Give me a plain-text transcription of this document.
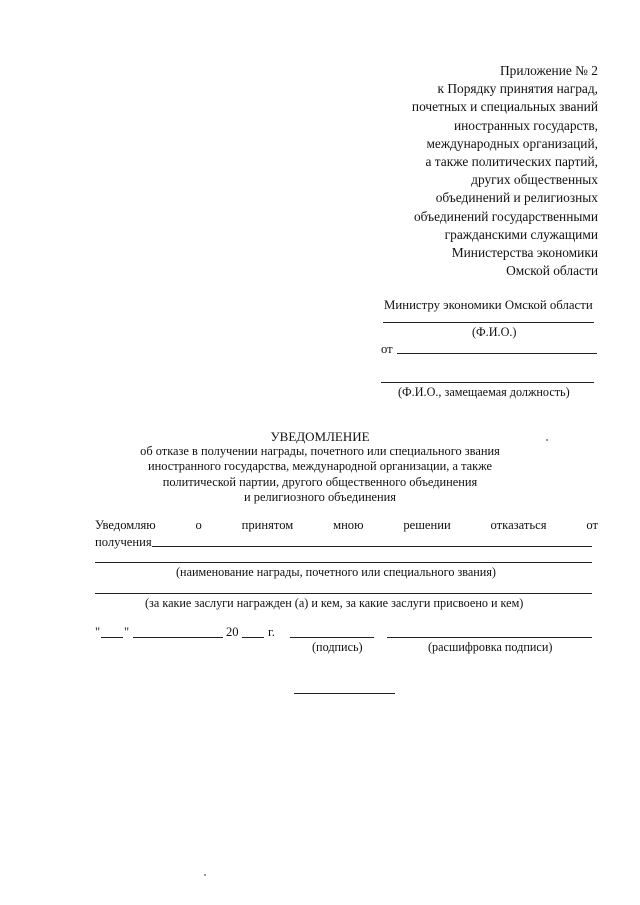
Приложение № 2
к Порядку принятия наград,
почетных и специальных званий
иностранных государств,
международных организаций,
а также политических партий,
других общественных
объединений и религиозных
объединений государственными
гражданскими служащими
Министерства экономики
Омской области
Министру экономики Омской области
(Ф.И.О.)
от
(Ф.И.О., замещаемая должность)
УВЕДОМЛЕНИЕ
об отказе в получении награды, почетного или специального звания
иностранного государства, международной организации, а также
политической партии, другого общественного объединения
и религиозного объединения
Уведомляю	о	принятом	мною	решении	отказаться	от
получения
(наименование награды, почетного или специального звания)
(за какие заслуги награжден (а) и кем, за какие заслуги присвоено и кем)
" "	20 г.
(подпись)	(расшифровка подписи)
